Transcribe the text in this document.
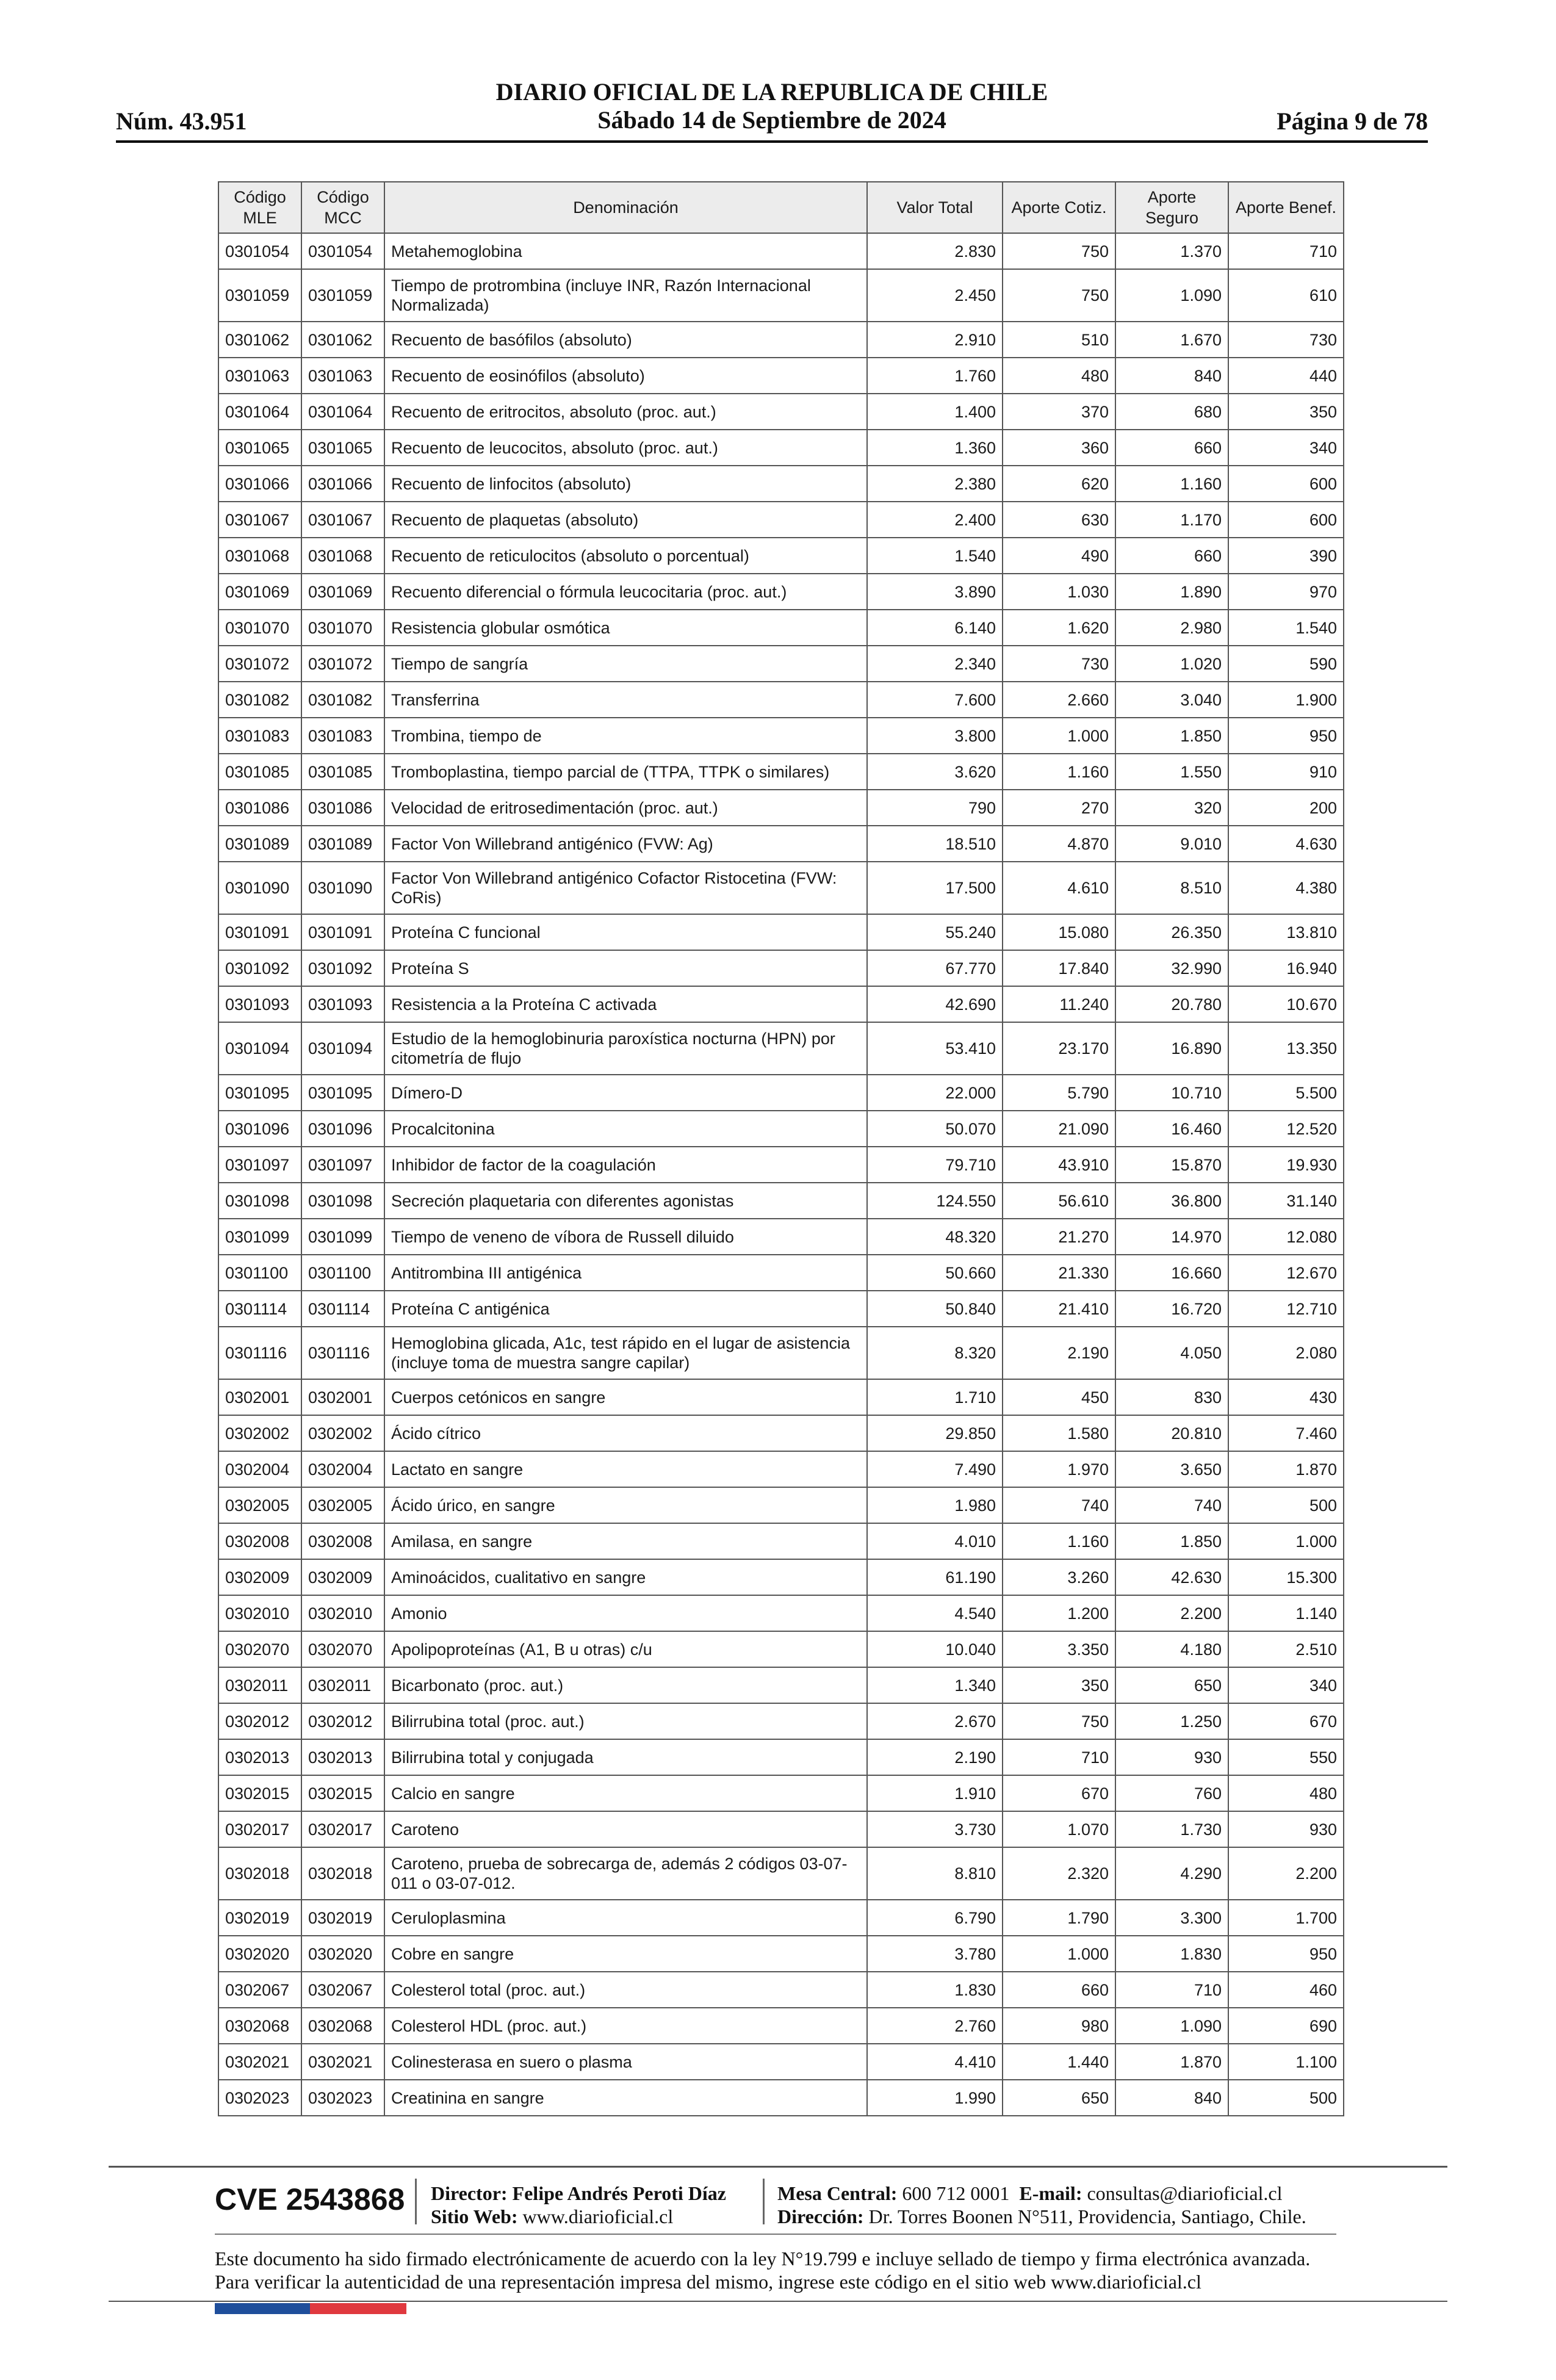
Núm. 43.951
DIARIO OFICIAL DE LA REPUBLICA DE CHILE
Sábado 14 de Septiembre de 2024	Página 9 de 78
Código MLE	Código MCC	Denominación	Valor Total	Aporte Cotiz.	Aporte Seguro	Aporte Benef.
0301054	0301054	Metahemoglobina	2.830	750	1.370	710
0301059	0301059	Tiempo de protrombina (incluye INR, Razón Internacional Normalizada)	2.450	750	1.090	610
0301062	0301062	Recuento de basófilos (absoluto)	2.910	510	1.670	730
0301063	0301063	Recuento de eosinófilos (absoluto)	1.760	480	840	440
0301064	0301064	Recuento de eritrocitos, absoluto (proc. aut.)	1.400	370	680	350
0301065	0301065	Recuento de leucocitos, absoluto (proc. aut.)	1.360	360	660	340
0301066	0301066	Recuento de linfocitos (absoluto)	2.380	620	1.160	600
0301067	0301067	Recuento de plaquetas (absoluto)	2.400	630	1.170	600
0301068	0301068	Recuento de reticulocitos (absoluto o porcentual)	1.540	490	660	390
0301069	0301069	Recuento diferencial o fórmula leucocitaria (proc. aut.)	3.890	1.030	1.890	970
0301070	0301070	Resistencia globular osmótica	6.140	1.620	2.980	1.540
0301072	0301072	Tiempo de sangría	2.340	730	1.020	590
0301082	0301082	Transferrina	7.600	2.660	3.040	1.900
0301083	0301083	Trombina, tiempo de	3.800	1.000	1.850	950
0301085	0301085	Tromboplastina, tiempo parcial de (TTPA, TTPK o similares)	3.620	1.160	1.550	910
0301086	0301086	Velocidad de eritrosedimentación (proc. aut.)	790	270	320	200
0301089	0301089	Factor Von Willebrand antigénico (FVW: Ag)	18.510	4.870	9.010	4.630
0301090	0301090	Factor Von Willebrand antigénico Cofactor Ristocetina (FVW: CoRis)	17.500	4.610	8.510	4.380
0301091	0301091	Proteína C funcional	55.240	15.080	26.350	13.810
0301092	0301092	Proteína S	67.770	17.840	32.990	16.940
0301093	0301093	Resistencia a la Proteína C activada	42.690	11.240	20.780	10.670
0301094	0301094	Estudio de la hemoglobinuria paroxística nocturna (HPN) por citometría de flujo	53.410	23.170	16.890	13.350
0301095	0301095	Dímero-D	22.000	5.790	10.710	5.500
0301096	0301096	Procalcitonina	50.070	21.090	16.460	12.520
0301097	0301097	Inhibidor de factor de la coagulación	79.710	43.910	15.870	19.930
0301098	0301098	Secreción plaquetaria con diferentes agonistas	124.550	56.610	36.800	31.140
0301099	0301099	Tiempo de veneno de víbora de Russell diluido	48.320	21.270	14.970	12.080
0301100	0301100	Antitrombina III antigénica	50.660	21.330	16.660	12.670
0301114	0301114	Proteína C antigénica	50.840	21.410	16.720	12.710
0301116	0301116	Hemoglobina glicada, A1c, test rápido en el lugar de asistencia (incluye toma de muestra sangre capilar)	8.320	2.190	4.050	2.080
0302001	0302001	Cuerpos cetónicos en sangre	1.710	450	830	430
0302002	0302002	Ácido cítrico	29.850	1.580	20.810	7.460
0302004	0302004	Lactato en sangre	7.490	1.970	3.650	1.870
0302005	0302005	Ácido úrico, en sangre	1.980	740	740	500
0302008	0302008	Amilasa, en sangre	4.010	1.160	1.850	1.000
0302009	0302009	Aminoácidos, cualitativo en sangre	61.190	3.260	42.630	15.300
0302010	0302010	Amonio	4.540	1.200	2.200	1.140
0302070	0302070	Apolipoproteínas (A1, B u otras) c/u	10.040	3.350	4.180	2.510
0302011	0302011	Bicarbonato (proc. aut.)	1.340	350	650	340
0302012	0302012	Bilirrubina total (proc. aut.)	2.670	750	1.250	670
0302013	0302013	Bilirrubina total y conjugada	2.190	710	930	550
0302015	0302015	Calcio en sangre	1.910	670	760	480
0302017	0302017	Caroteno	3.730	1.070	1.730	930
0302018	0302018	Caroteno, prueba de sobrecarga de, además 2 códigos 03-07-011 o 03-07-012.	8.810	2.320	4.290	2.200
0302019	0302019	Ceruloplasmina	6.790	1.790	3.300	1.700
0302020	0302020	Cobre en sangre	3.780	1.000	1.830	950
0302067	0302067	Colesterol total (proc. aut.)	1.830	660	710	460
0302068	0302068	Colesterol HDL (proc. aut.)	2.760	980	1.090	690
0302021	0302021	Colinesterasa en suero o plasma	4.410	1.440	1.870	1.100
0302023	0302023	Creatinina en sangre	1.990	650	840	500
CVE 2543868 Director: Felipe Andrés Peroti Díaz
Sitio Web: www.diarioficial.cl
Mesa Central: 600 712 0001 E-mail: consultas@diarioficial.cl
Dirección: Dr. Torres Boonen N°511, Providencia, Santiago, Chile.
Este documento ha sido firmado electrónicamente de acuerdo con la ley N°19.799 e incluye sellado de tiempo y firma electrónica avanzada. Para verificar la autenticidad de una representación impresa del mismo, ingrese este código en el sitio web www.diarioficial.cl
